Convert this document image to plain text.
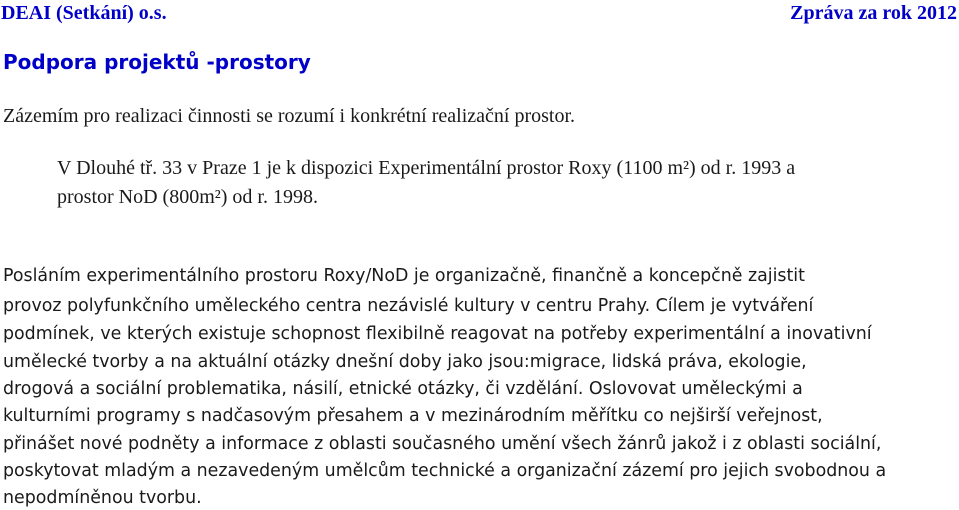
DEAI (Setkání) o.s.	Zpráva za rok 2012
Podpora projektů -prostory

Zázemím pro realizaci činnosti se rozumí i konkrétní realizační prostor.

V Dlouhé tř. 33 v Praze 1 je k dispozici Experimentální prostor Roxy (1100 m²) od r. 1993 a

prostor NoD (800m²) od r. 1998.

Posláním experimentálního prostoru Roxy/NoD je organizačně, finančně a koncepčně zajistit

provoz polyfunkčního uměleckého centra nezávislé kultury v centru Prahy. Cílem je vytváření

podmínek, ve kterých existuje schopnost flexibilně reagovat na potřeby experimentální a inovativní

umělecké tvorby a na aktuální otázky dnešní doby jako jsou:migrace, lidská práva, ekologie,

drogová a sociální problematika, násilí, etnické otázky, či vzdělání. Oslovovat uměleckými a

kulturními programy s nadčasovým přesahem a v mezinárodním měřítku co nejširší veřejnost,

přinášet nové podněty a informace z oblasti současného umění všech žánrů jakož i z oblasti sociální,

poskytovat mladým a nezavedeným umělcům technické a organizační zázemí pro jejich svobodnou a

nepodmíněnou tvorbu.
